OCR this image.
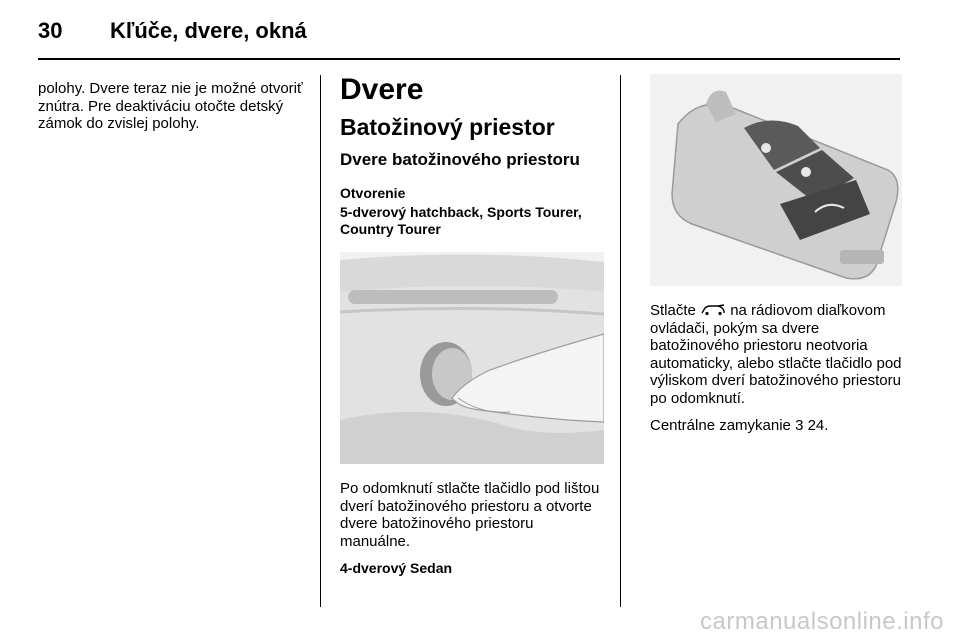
30 Kľúče, dvere, okná

polohy. Dvere teraz nie je možné otvoriť znútra. Pre deaktiváciu otočte detský zámok do zvislej polohy.

Dvere
Batožinový priestor
Dvere batožinového priestoru
Otvorenie
5-dverový hatchback, Sports Tourer, Country Tourer

Po odomknutí stlačte tlačidlo pod lištou dverí batožinového priestoru a otvorte dvere batožinového priestoru manuálne.

4-dverový Sedan

Stlačte na rádiovom diaľkovom ovládači, pokým sa dvere batožinového priestoru neotvoria automaticky, alebo stlačte tlačidlo pod výliskom dverí batožinového priestoru po odomknutí.

Centrálne zamykanie 3 24.

carmanualsonline.info
